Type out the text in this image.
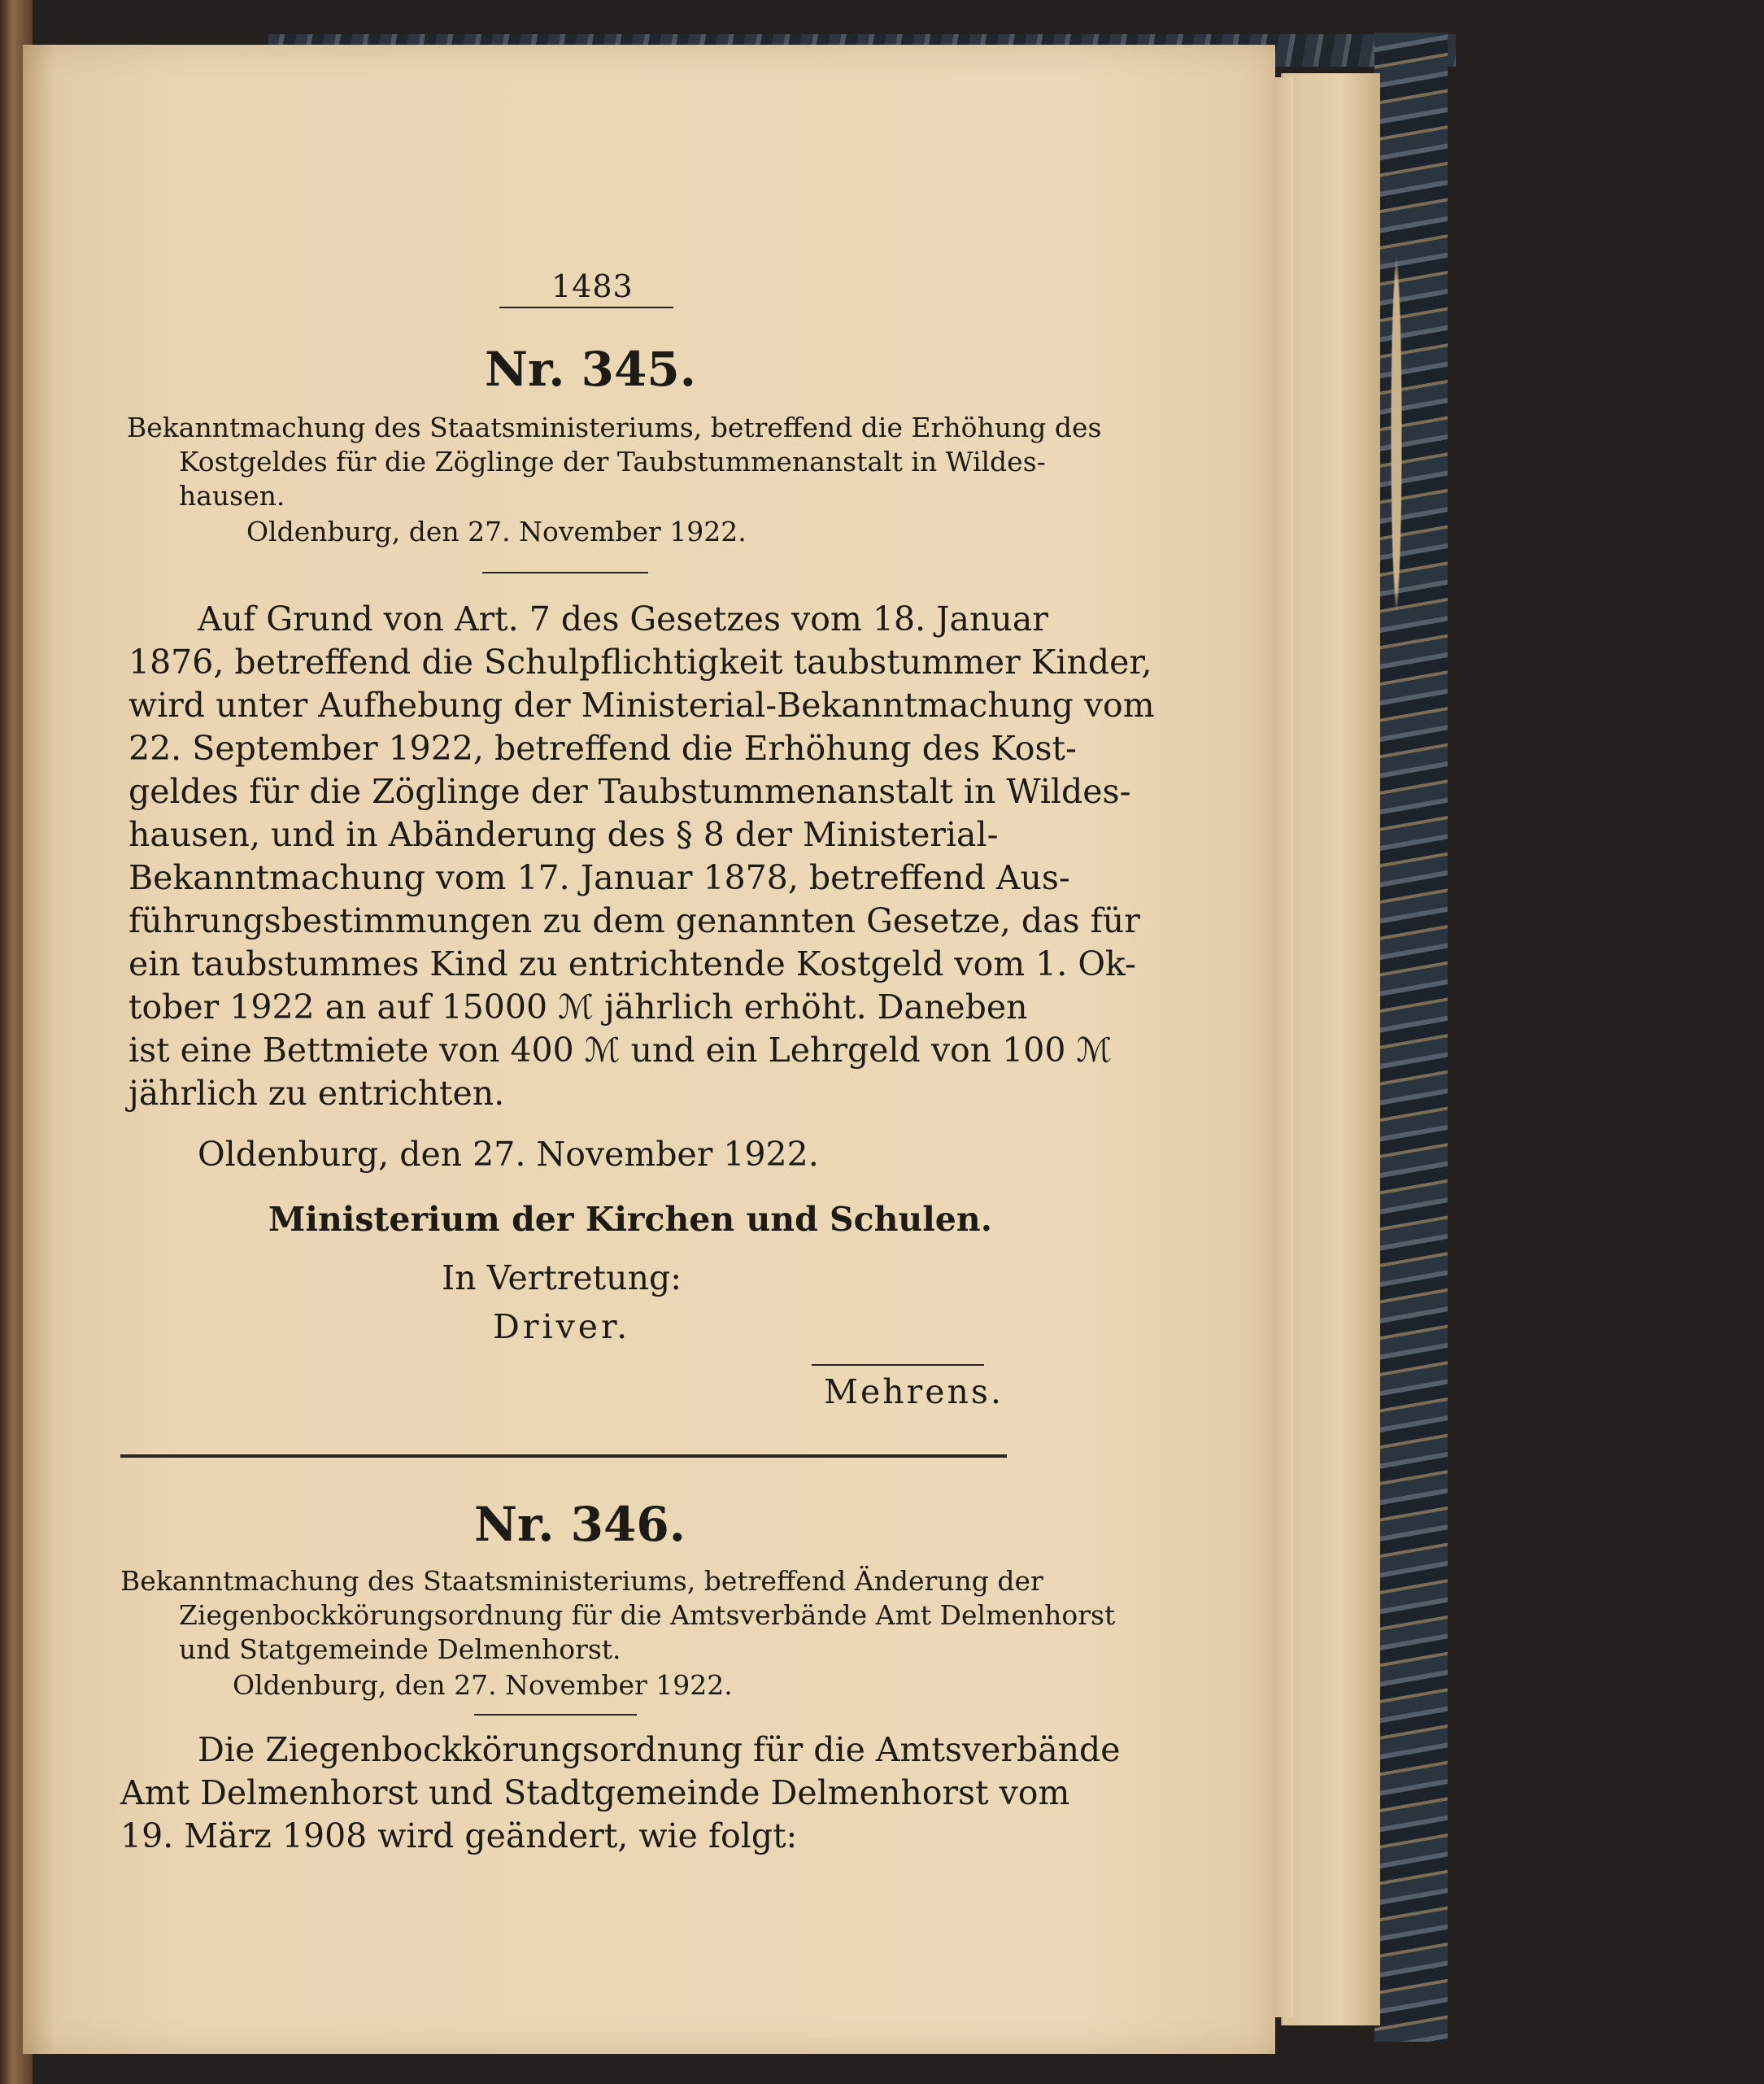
1483
Nr. 345.
Bekanntmachung des Staatsministeriums, betreffend die Erhöhung des
Kostgeldes für die Zöglinge der Taubstummenanstalt in Wildes-
hausen.
Oldenburg, den 27. November 1922.
Auf Grund von Art. 7 des Gesetzes vom 18. Januar
1876, betreffend die Schulpflichtigkeit taubstummer Kinder,
wird unter Aufhebung der Ministerial-Bekanntmachung vom
22. September 1922, betreffend die Erhöhung des Kost-
geldes für die Zöglinge der Taubstummenanstalt in Wildes-
hausen, und in Abänderung des § 8 der Ministerial-
Bekanntmachung vom 17. Januar 1878, betreffend Aus-
führungsbestimmungen zu dem genannten Gesetze, das für
ein taubstummes Kind zu entrichtende Kostgeld vom 1. Ok-
tober 1922 an auf 15000 ℳ jährlich erhöht. Daneben
ist eine Bettmiete von 400 ℳ und ein Lehrgeld von 100 ℳ
jährlich zu entrichten.
Oldenburg, den 27. November 1922.
Ministerium der Kirchen und Schulen.
In Vertretung:
Driver.
Mehrens.
Nr. 346.
Bekanntmachung des Staatsministeriums, betreffend Änderung der
Ziegenbockkörungsordnung für die Amtsverbände Amt Delmenhorst
und Statgemeinde Delmenhorst.
Oldenburg, den 27. November 1922.
Die Ziegenbockkörungsordnung für die Amtsverbände
Amt Delmenhorst und Stadtgemeinde Delmenhorst vom
19. März 1908 wird geändert, wie folgt:
